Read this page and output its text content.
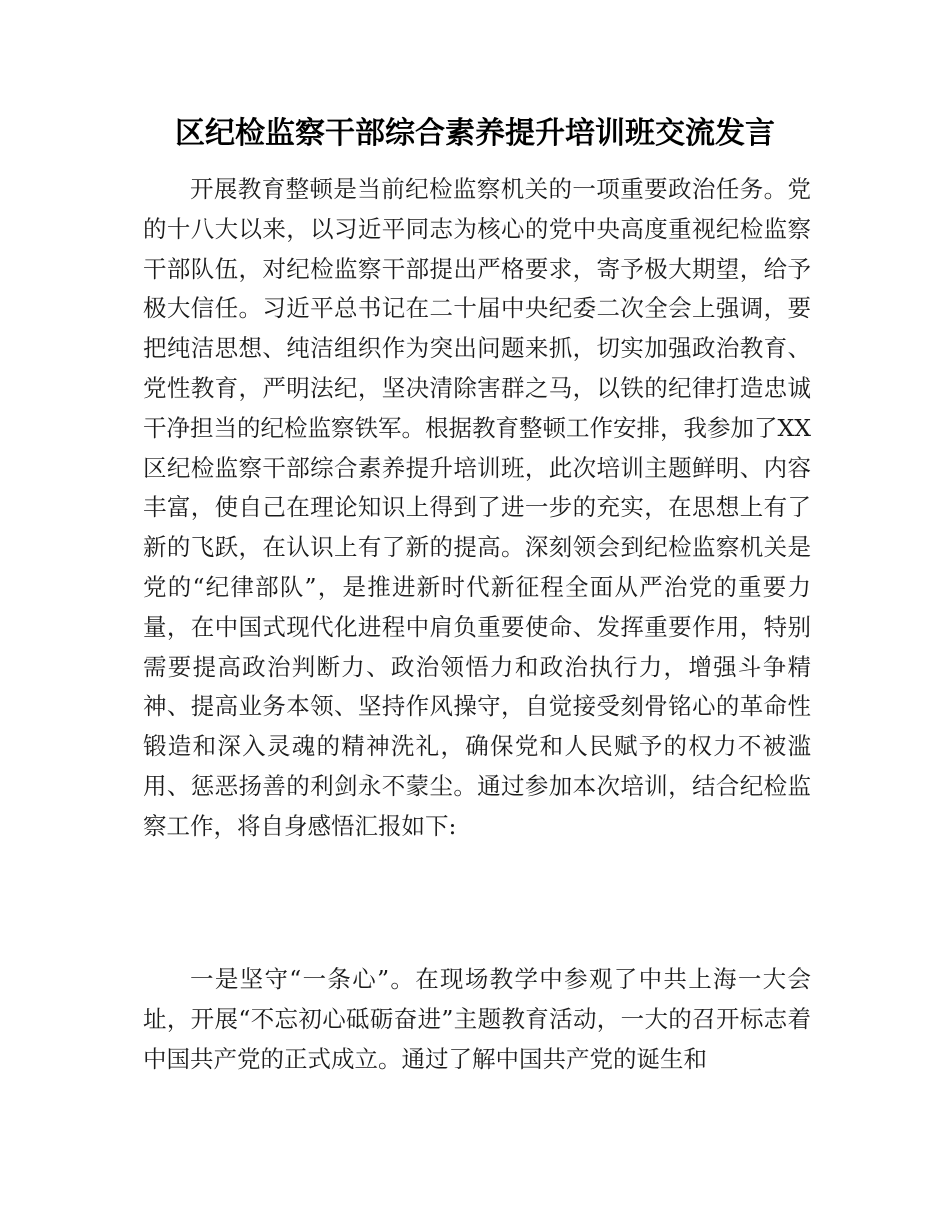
区纪检监察干部综合素养提升培训班交流发言

开展教育整顿是当前纪检监察机关的一项重要政治任务。党的十八大以来，以习近平同志为核心的党中央高度重视纪检监察干部队伍，对纪检监察干部提出严格要求，寄予极大期望，给予极大信任。习近平总书记在二十届中央纪委二次全会上强调，要把纯洁思想、纯洁组织作为突出问题来抓，切实加强政治教育、党性教育，严明法纪，坚决清除害群之马，以铁的纪律打造忠诚干净担当的纪检监察铁军。根据教育整顿工作安排，我参加了XX区纪检监察干部综合素养提升培训班，此次培训主题鲜明、内容丰富，使自己在理论知识上得到了进一步的充实，在思想上有了新的飞跃，在认识上有了新的提高。深刻领会到纪检监察机关是党的“纪律部队”，是推进新时代新征程全面从严治党的重要力量，在中国式现代化进程中肩负重要使命、发挥重要作用，特别需要提高政治判断力、政治领悟力和政治执行力，增强斗争精神、提高业务本领、坚持作风操守，自觉接受刻骨铭心的革命性锻造和深入灵魂的精神洗礼，确保党和人民赋予的权力不被滥用、惩恶扬善的利剑永不蒙尘。通过参加本次培训，结合纪检监察工作，将自身感悟汇报如下:

一是坚守“一条心”。在现场教学中参观了中共上海一大会址，开展“不忘初心砥砺奋进”主题教育活动，一大的召开标志着中国共产党的正式成立。通过了解中国共产党的诞生和
